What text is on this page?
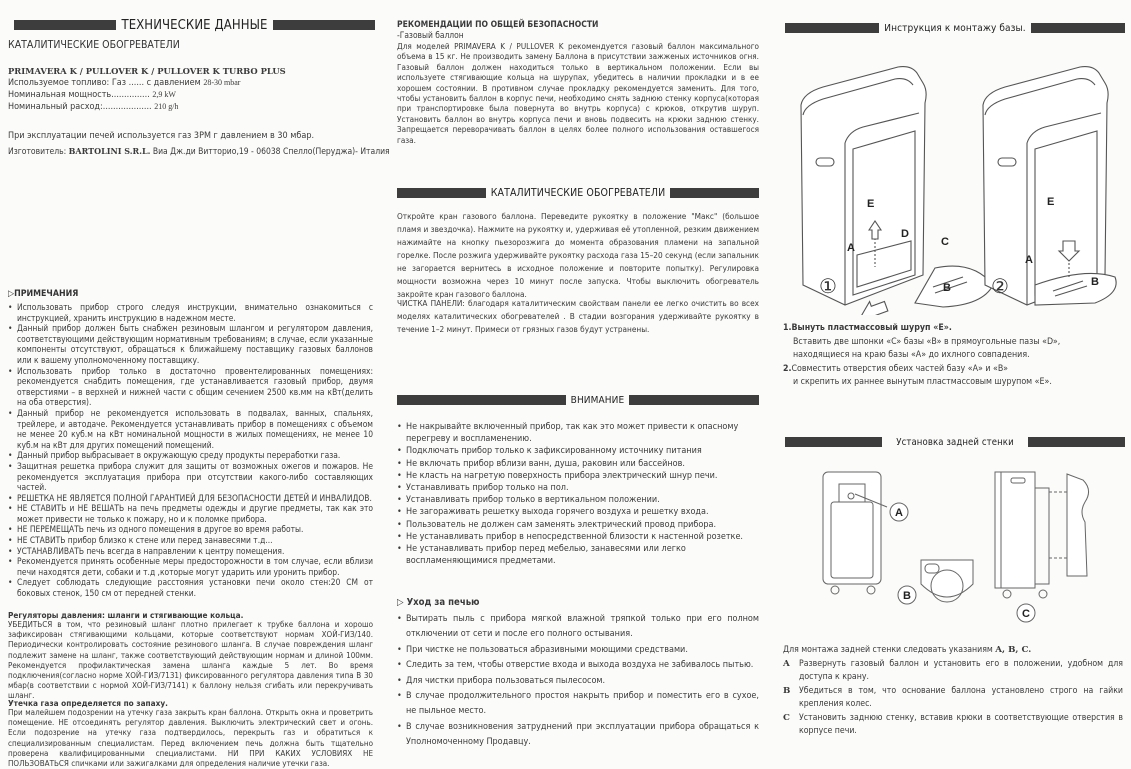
ТЕХНИЧЕСКИЕ ДАННЫЕ
КАТАЛИТИЧЕСКИЕ ОБОГРЕВАТЕЛИ
PRIMAVERA K / PULLOVER K / PULLOVER K TURBO PLUS
Используемое топливо: Газ ...... с давлением 28-30 mbar
Номинальная мощность............... 2,9 kW
Номинальный расход:................... 210 g/h
При эксплуатации печей используется газ 3PM г давлением в 30 мбар.
Изготовитель: BARTOLINI S.R.L. Виа Дж.ди Витторио,19 - 06038 Спелло(Перуджа)- Италия
▷ПРИМЕЧАНИЯ
• Использовать прибор строго следуя инструкции, внимательно ознакомиться с инструкцией, хранить инструкцию в надежном месте.
• Данный прибор должен быть снабжен резиновым шлангом и регулятором давления, соответствующими действующим нормативным требованиям; в случае, если указанные компоненты отсутствуют, обращаться к ближайшему поставщику газовых баллонов или к вашему уполномоченному поставщику.
• Использовать прибор только в достаточно провентелированных помещениях: рекомендуется снабдить помещения, где устанавливается газовый прибор, двумя отверстиями – в верхней и нижней части с общим сечением 2500 кв.мм на кВт(делить на оба отверстия).
• Данный прибор не рекомендуется использовать в подвалах, ванных, спальнях, трейлере, и автодаче. Рекомендуется устанавливать прибор в помещениях с объемом не менее 20 куб.м на кВт номинальной мощности в жилых помещениях, не менее 10 куб.м на кВт для других помещений помещений.
• Данный прибор выбрасывает в окружающую среду продукты переработки газа.
• Защитная решетка прибора служит для защиты от возможных ожегов и пожаров. Не рекомендуется эксплуатация прибора при отсутствии какого-либо составляющих частей.
• РЕШЕТКА НЕ ЯВЛЯЕТСЯ ПОЛНОЙ ГАРАНТИЕЙ ДЛЯ БЕЗОПАСНОСТИ ДЕТЕЙ И ИНВАЛИДОВ.
• НЕ СТАВИТЬ и НЕ ВЕШАТЬ на печь предметы одежды и другие предметы, так как это может привести не только к пожару, но и к поломке прибора.
• НЕ ПЕРЕМЕЩАТЬ печь из одного помещения в другое во время работы.
• НЕ СТАВИТЬ прибор близко к стене или перед занавесями т.д...
• УСТАНАВЛИВАТЬ печь всегда в направлении к центру помещения.
• Рекомендуется принять особенные меры предосторожности в том случае, если вблизи печи находятся дети, собаки и т.д ,которые могут ударить или уронить прибор.
• Следует соблюдать следующие расстояния установки печи около стен:20 СМ от боковых стенок, 150 см от передней стенки.
Регуляторы давления: шланги и стягивающие кольца.
УБЕДИТЬСЯ в том, что резиновый шланг плотно прилегает к трубке баллона и хорошо зафиксирован стягивающими кольцами, которые соответствуют нормам ХОЙ-ГИЗ/140. Периодически контролировать состояние резинового шланга. В случае повреждения шланг подлежит замене на шланг, также соответствующий действующим нормам и длиной 100мм. Рекомендуется профилактическая замена шланга каждые 5 лет. Во время подключения(согласно норме ХОЙ-ГИЗ/7131) фиксированного регулятора давления типа В 30 мбар(в соответствии с нормой ХОЙ-ГИЗ/7141) к баллону нельзя сгибать или перекручивать шланг.
Утечка газа определяется по запаху.
При малейшем подозрении на утечку газа закрыть кран баллона. Открыть окна и проветрить помещение. НЕ отсоединять регулятор давления. Выключить электрический свет и огонь. Если подозрение на утечку газа подтвердилось, перекрыть газ и обратиться к специализированным специалистам. Перед включением печь должна быть тщательно проверена квалифицированными специалистами. НИ ПРИ КАКИХ УСЛОВИЯХ НЕ ПОЛЬЗОВАТЬСЯ спичками или зажигалками для определения наличие утечки газа.
РЕКОМЕНДАЦИИ ПО ОБЩЕЙ БЕЗОПАСНОСТИ
-Газовый баллон
Для моделей PRIMAVERA K / PULLOVER K рекомендуется газовый баллон максимального объема в 15 кг. Не производить замену Баллона в присутствии зажженых источников огня. Газовый баллон должен находиться только в вертикальном положении. Если вы используете стягивающие кольца на шурупах, убедитесь в наличии прокладки и в ее хорошем состоянии. В противном случае прокладку рекомендуется заменить. Для того, чтобы установить баллон в корпус печи, необходимо снять заднюю стенку корпуса(которая при транспортировке была повернута во внутрь корпуса) с крюков, открутив шуруп. Установить баллон во внутрь корпуса печи и вновь подвесить на крюки заднюю стенку. Запрещается переворачивать баллон в целях более полного использования оставшегося газа.
КАТАЛИТИЧЕСКИЕ ОБОГРЕВАТЕЛИ
Откройте кран газового баллона. Переведите рукоятку в положение "Макс" (большое пламя и звездочка). Нажмите на рукоятку и, удерживая её утопленной, резким движением нажимайте на кнопку пьезорозжига до момента образования пламени на запальной горелке. После розжига удерживайте рукоятку расхода газа 15–20 секунд (если запальник не загорается вернитесь в исходное положение и повторите попытку). Регулировка мощности возможна через 10 минут после запуска. Чтобы выключить обогреватель закройте кран газового баллона.
ЧИСТКА ПАНЕЛИ: благодаря каталитическим свойствам панели ее легко очистить во всех моделях каталитических обогревателей . В стадии возгорания удерживайте рукоятку в течение 1–2 минут. Примеси от грязных газов будут устранены.
ВНИМАНИЕ
• Не накрывайте включенный прибор, так как это может привести к опасному перегреву и воспламенению.
• Подключать прибор только к зафиксированному источнику питания
• Не включать прибор вблизи ванн, душа, раковин или бассейнов.
• Не класть на нагретую поверхность прибора электрический шнур печи.
• Устанавливать прибор только на пол.
• Устанавливать прибор только в вертикальном положении.
• Не загораживать решетку выхода горячего воздуха и решетку входа.
• Пользователь не должен сам заменять электрический провод прибора.
• Не устанавливать прибор в непосредственной близости к настенной розетке.
• Не устанавливать прибор перед мебелью, занавесями или легко воспламеняющимися предметами.
▷ Уход за печью
• Вытирать пыль с прибора мягкой влажной тряпкой только при его полном отключении от сети и после его полного остывания.
• При чистке не пользоваться абразивными моющими средствами.
• Следить за тем, чтобы отверстие входа и выхода воздуха не забивалось пытью.
• Для чистки прибора пользоваться пылесосом.
• В случае продолжительного простоя накрыть прибор и поместить его в сухое, не пыльное место.
• В случае возникновения затруднений при эксплуатации прибора обращаться к Уполномоченному Продавцу.
Инструкция к монтажу базы.
E
A
D
C
B
E
A
B
①	②
1.Вынуть пластмассовый шуруп «E».
Вставить две шпонки «C» базы «B» в прямоугольные пазы «D»,
находящиеся на краю базы «A» до ихлного совпадения.
2.Совместить отверстия обеих частей базу «A» и «B»
и скрепить их раннее вынутым пластмассовым шурупом «E».
Установка задней стенки
A
B
C
Для монтажа задней стенки следовать указаниям A, B, C.
A	Развернуть газовый баллон и установить его в положении, удобном для доступа к крану.
B Убедиться в том, что основание баллона установлено строго на гайки крепления колес.
C	Установить заднюю стенку, вставив крюки в соответствующие отверстия в корпусе печи.
